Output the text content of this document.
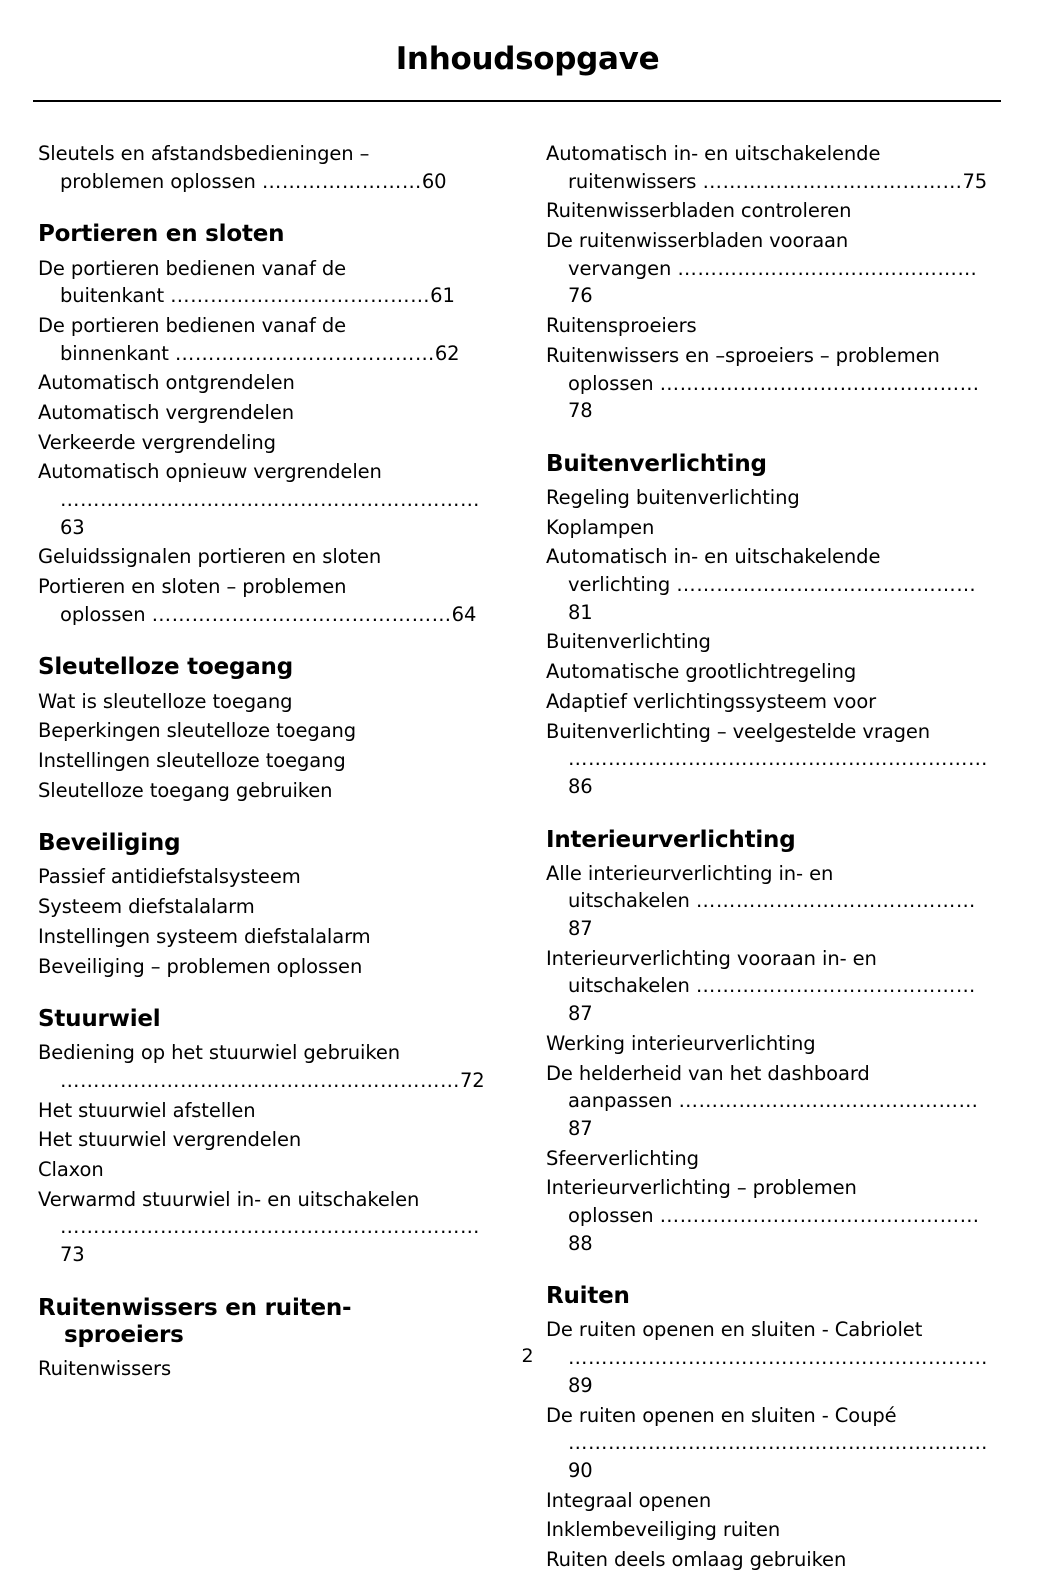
Inhoudsopgave
Sleutels en afstandsbedieningen –
problemen oplossen ……………………60
Portieren en sloten
De portieren bedienen vanaf de
buitenkant …………………………………61
De portieren bedienen vanaf de
binnenkant …………………………………62
Automatisch ontgrendelen
Automatisch vergrendelen
Verkeerde vergrendeling
Automatisch opnieuw vergrendelen
………………………………………………………63
Geluidssignalen portieren en sloten
Portieren en sloten – problemen
oplossen ………………………………………64
Sleutelloze toegang
Wat is sleutelloze toegang
Beperkingen sleutelloze toegang
Instellingen sleutelloze toegang
Sleutelloze toegang gebruiken
Beveiliging
Passief antidiefstalsysteem
Systeem diefstalalarm
Instellingen systeem diefstalalarm
Beveiliging – problemen oplossen
Stuurwiel
Bediening op het stuurwiel gebruiken
……………………………………………………72
Het stuurwiel afstellen
Het stuurwiel vergrendelen
Claxon
Verwarmd stuurwiel in- en uitschakelen
………………………………………………………73
Ruitenwissers en ruiten-
sproeiers
Ruitenwissers
Automatisch in- en uitschakelende
ruitenwissers …………………………………75
Ruitenwisserbladen controleren
De ruitenwisserbladen vooraan
vervangen ………………………………………76
Ruitensproeiers
Ruitenwissers en –sproeiers – problemen
oplossen …………………………………………78
Buitenverlichting
Regeling buitenverlichting
Koplampen
Automatisch in- en uitschakelende
verlichting ………………………………………81
Buitenverlichting
Automatische grootlichtregeling
Adaptief verlichtingssysteem voor
Buitenverlichting – veelgestelde vragen
………………………………………………………86
Interieurverlichting
Alle interieurverlichting in- en
uitschakelen ……………………………………87
Interieurverlichting vooraan in- en
uitschakelen ……………………………………87
Werking interieurverlichting
De helderheid van het dashboard
aanpassen ………………………………………87
Sfeerverlichting
Interieurverlichting – problemen
oplossen …………………………………………88
Ruiten
De ruiten openen en sluiten - Cabriolet
………………………………………………………89
De ruiten openen en sluiten - Coupé
………………………………………………………90
Integraal openen
Inklembeveiliging ruiten
Ruiten deels omlaag gebruiken
2
